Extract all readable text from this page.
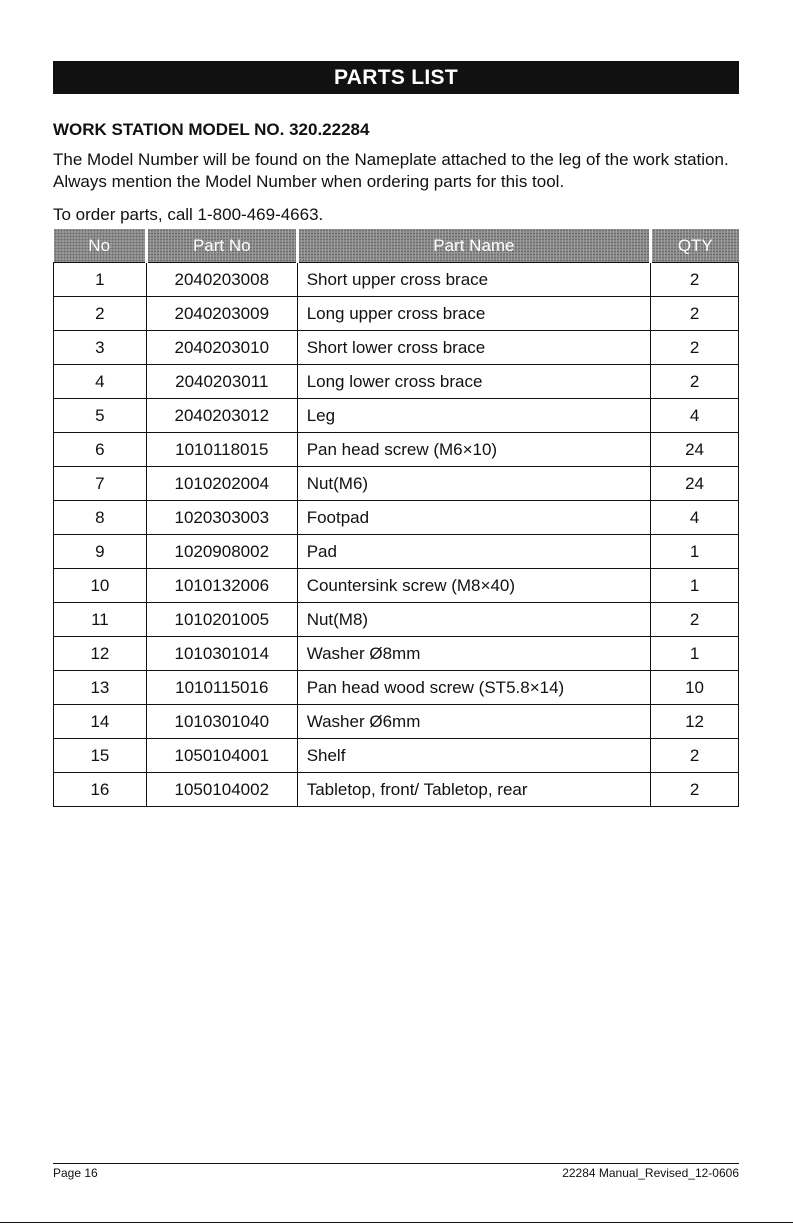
PARTS LIST
WORK STATION MODEL NO. 320.22284

The Model Number will be found on the Nameplate attached to the leg of the work station. Always mention the Model Number when ordering parts for this tool.

To order parts, call 1-800-469-4663.
No	Part No	Part Name	QTY
1	2040203008	Short upper cross brace	2
2	2040203009	Long upper cross brace	2
3	2040203010	Short lower cross brace	2
4	2040203011	Long lower cross brace	2
5	2040203012	Leg	4
6	1010118015	Pan head screw (M6×10)	24
7	1010202004	Nut(M6)	24
8	1020303003	Footpad	4
9	1020908002	Pad	1
10	1010132006	Countersink screw (M8×40)	1
11	1010201005	Nut(M8)	2
12	1010301014	Washer Ø8mm	1
13	1010115016	Pan head wood screw (ST5.8×14)	10
14	1010301040	Washer Ø6mm	12
15	1050104001	Shelf	2
16	1050104002	Tabletop, front/ Tabletop, rear	2
Page 16	22284 Manual_Revised_12-0606
